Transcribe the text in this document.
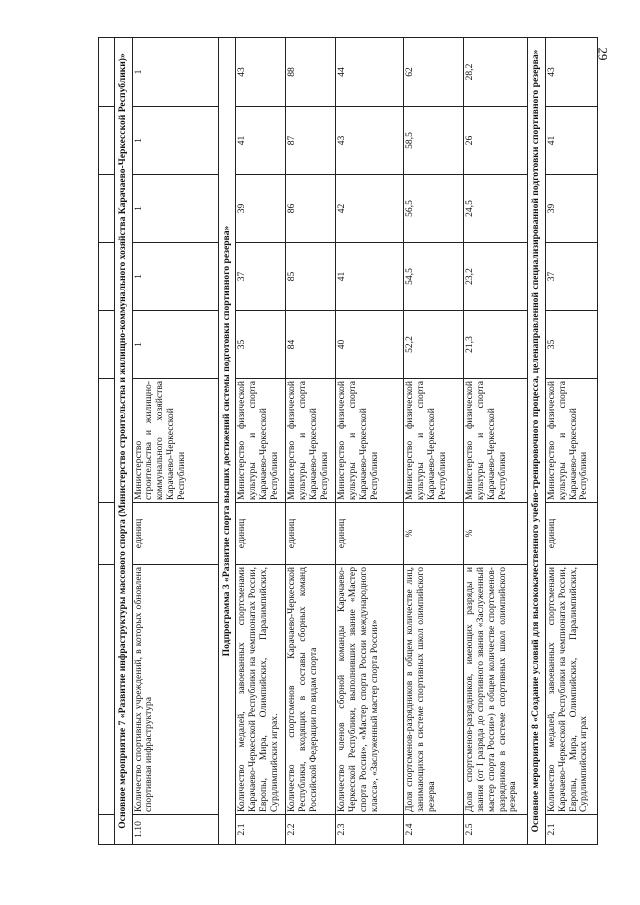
29

Основное мероприятие 7 «Развитие инфраструктуры массового спорта (Министерство строительства и жилищно-коммунального хозяйства Карачаево-Черкесской Республики)»								
1.10	Количество спортивных учреждений, в которых обновлена спортивная инфраструктура	единиц	Министерство строительства и жилищно-коммунального хозяйства Карачаево-Черкесской Республики	1	1	1	1	1
Подпрограмма 3 «Развитие спорта высших достижений системы подготовки спортивного резерва»								
2.1	Количество медалей, завоеванных спортсменами Карачаево-Черкесской Республики на чемпионатах России, Европы, Мира, Олимпийских, Паралимпийских, Сурдлимпийских играх.	единиц	Министерство физической культуры и спорта Карачаево-Черкесской Республики	35	37	39	41	43
2.2	Количество спортсменов Карачаево-Черкесской Республики, входящих в составы сборных команд Российской Федерации по видам спорта	единиц	Министерство физической культуры и спорта Карачаево-Черкесской Республики	84	85	86	87	88
2.3	Количество членов сборной команды Карачаево-Черкесской Республики, выполнивших звание «Мастер спорта России», «Мастер спорта России международного класса», «Заслуженный мастер спорта России»	единиц	Министерство физической культуры и спорта Карачаево-Черкесской Республики	40	41	42	43	44
2.4	Доля спортсменов-разрядников в общем количестве лиц, занимающихся в системе спортивных школ олимпийского резерва	%	Министерство физической культуры и спорта Карачаево-Черкесской Республики	52,2	54,5	56,5	58,5	62
2.5	Доля спортсменов-разрядников, имеющих разряды и звания (от I разряда до спортивного звания «Заслуженный мастер спорта России») в общем количестве спортсменов-разрядников в системе спортивных школ олимпийского резерва	%	Министерство физической культуры и спорта Карачаево-Черкесской Республики	21,3	23,2	24,5	26	28,2
Основное мероприятие 8 «Создание условий для высококачественного учебно-тренировочного процесса, целенаправленной специализированной подготовки спортивного резерва»								
2.1	Количество медалей, завоеванных спортсменами Карачаево-Черкесской Республики на чемпионатах России, Европы, Мира, Олимпийских, Паралимпийских, Сурдлимпийских играх	единиц	Министерство физической культуры и спорта Карачаево-Черкесской Республики	35	37	39	41	43
